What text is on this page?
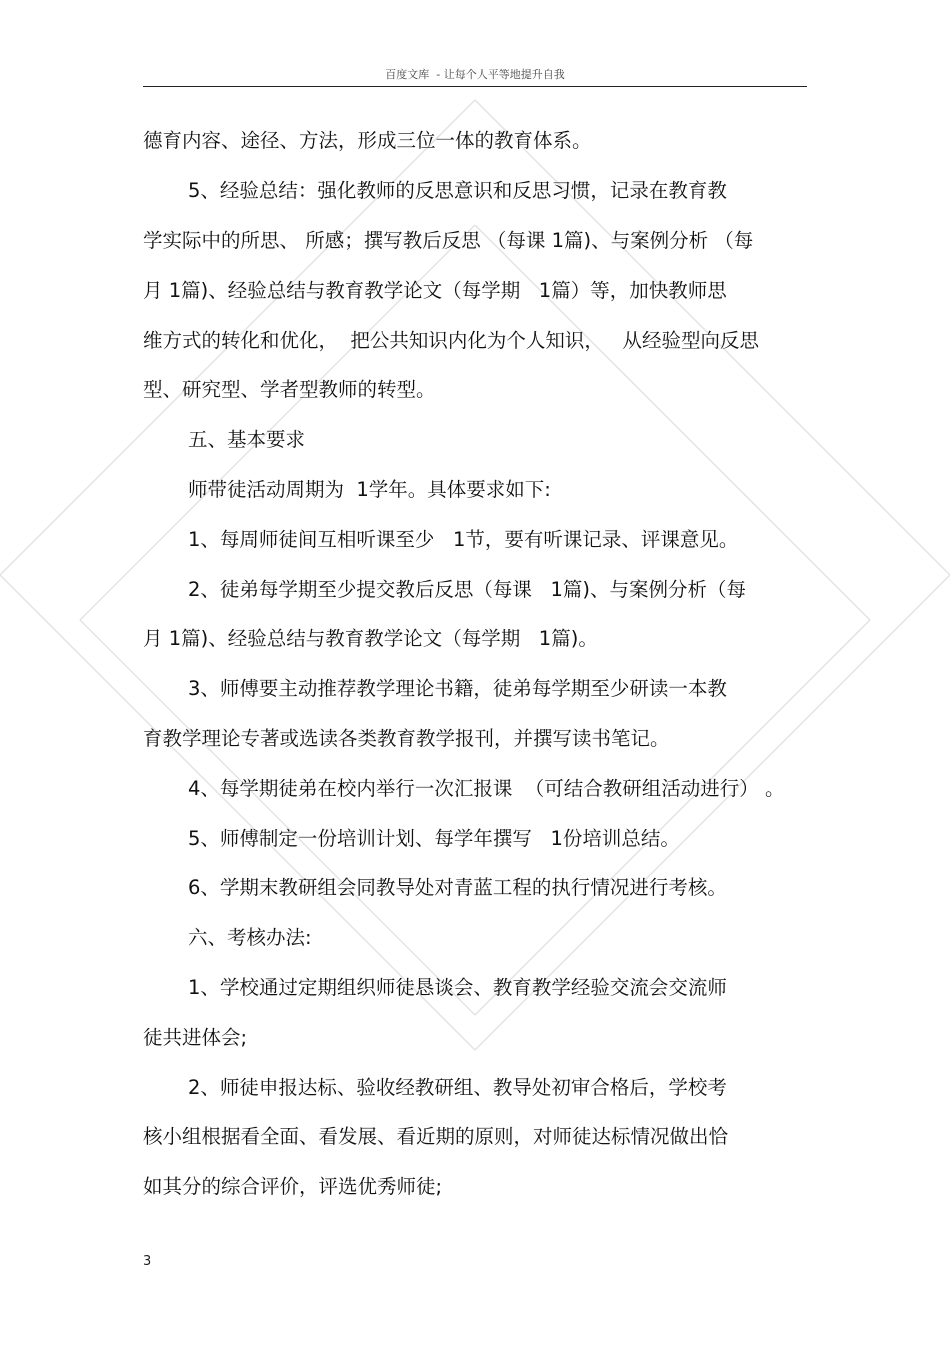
百度文库  - 让每个人平等地提升自我
德育内容、途径、方法，形成三位一体的教育体系。
5、经验总结：强化教师的反思意识和反思习惯，记录在教育教
学实际中的所思、 所感；撰写教后反思 （每课 1篇)、与案例分析 （每
月 1篇)、经验总结与教育教学论文（每学期   1篇）等，加快教师思
维方式的转化和优化，  把公共知识内化为个人知识，   从经验型向反思
型、研究型、学者型教师的转型。
五、基本要求
师带徒活动周期为  1学年。具体要求如下:
1、每周师徒间互相听课至少   1节，要有听课记录、评课意见。
2、徒弟每学期至少提交教后反思（每课   1篇)、与案例分析（每
月 1篇)、经验总结与教育教学论文（每学期   1篇)。
3、师傅要主动推荐教学理论书籍，徒弟每学期至少研读一本教
育教学理论专著或选读各类教育教学报刊，并撰写读书笔记。
4、每学期徒弟在校内举行一次汇报课  （可结合教研组活动进行） 。
5、师傅制定一份培训计划、每学年撰写   1份培训总结。
6、学期末教研组会同教导处对青蓝工程的执行情况进行考核。
六、考核办法:
1、学校通过定期组织师徒恳谈会、教育教学经验交流会交流师
徒共进体会;
2、师徒申报达标、验收经教研组、教导处初审合格后，学校考
核小组根据看全面、看发展、看近期的原则，对师徒达标情况做出恰
如其分的综合评价，评选优秀师徒;
3
